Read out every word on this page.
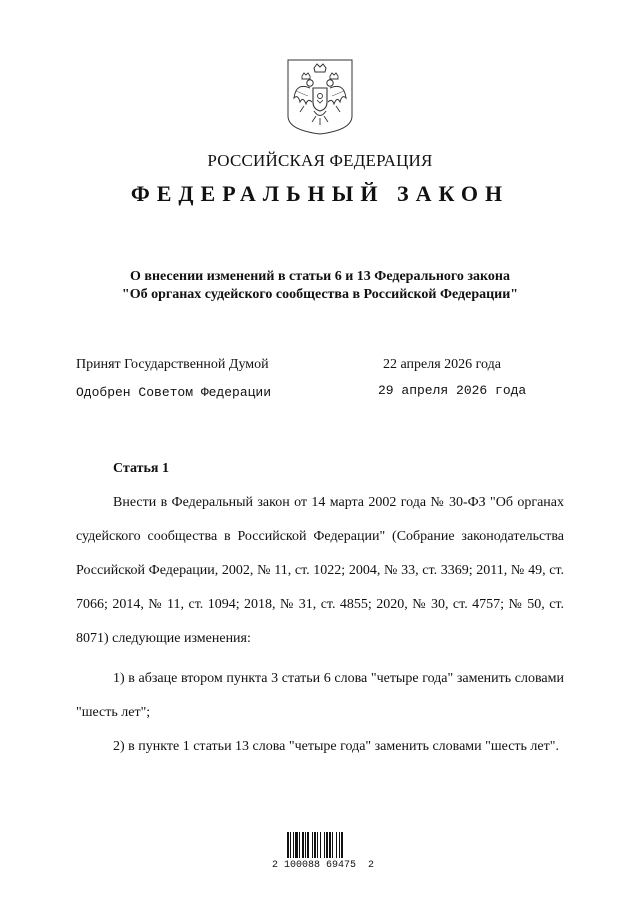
РОССИЙСКАЯ ФЕДЕРАЦИЯ
ФЕДЕРАЛЬНЫЙ ЗАКОН
О внесении изменений в статьи 6 и 13 Федерального закона
"Об органах судейского сообщества в Российской Федерации"
Принят Государственной Думой	22 апреля 2026 года
Одобрен Советом Федерации	29 апреля 2026 года
Статья 1
Внести в Федеральный закон от 14 марта 2002 года № 30-ФЗ "Об органах судейского сообщества в Российской Федерации" (Собрание законодательства Российской Федерации, 2002, № 11, ст. 1022; 2004, № 33, ст. 3369; 2011, № 49, ст. 7066; 2014, № 11, ст. 1094; 2018, № 31, ст. 4855; 2020, № 30, ст. 4757; № 50, ст. 8071) следующие изменения:
1) в абзаце втором пункта 3 статьи 6 слова "четыре года" заменить словами "шесть лет";
2) в пункте 1 статьи 13 слова "четыре года" заменить словами "шесть лет".
2 100088 69475  2
